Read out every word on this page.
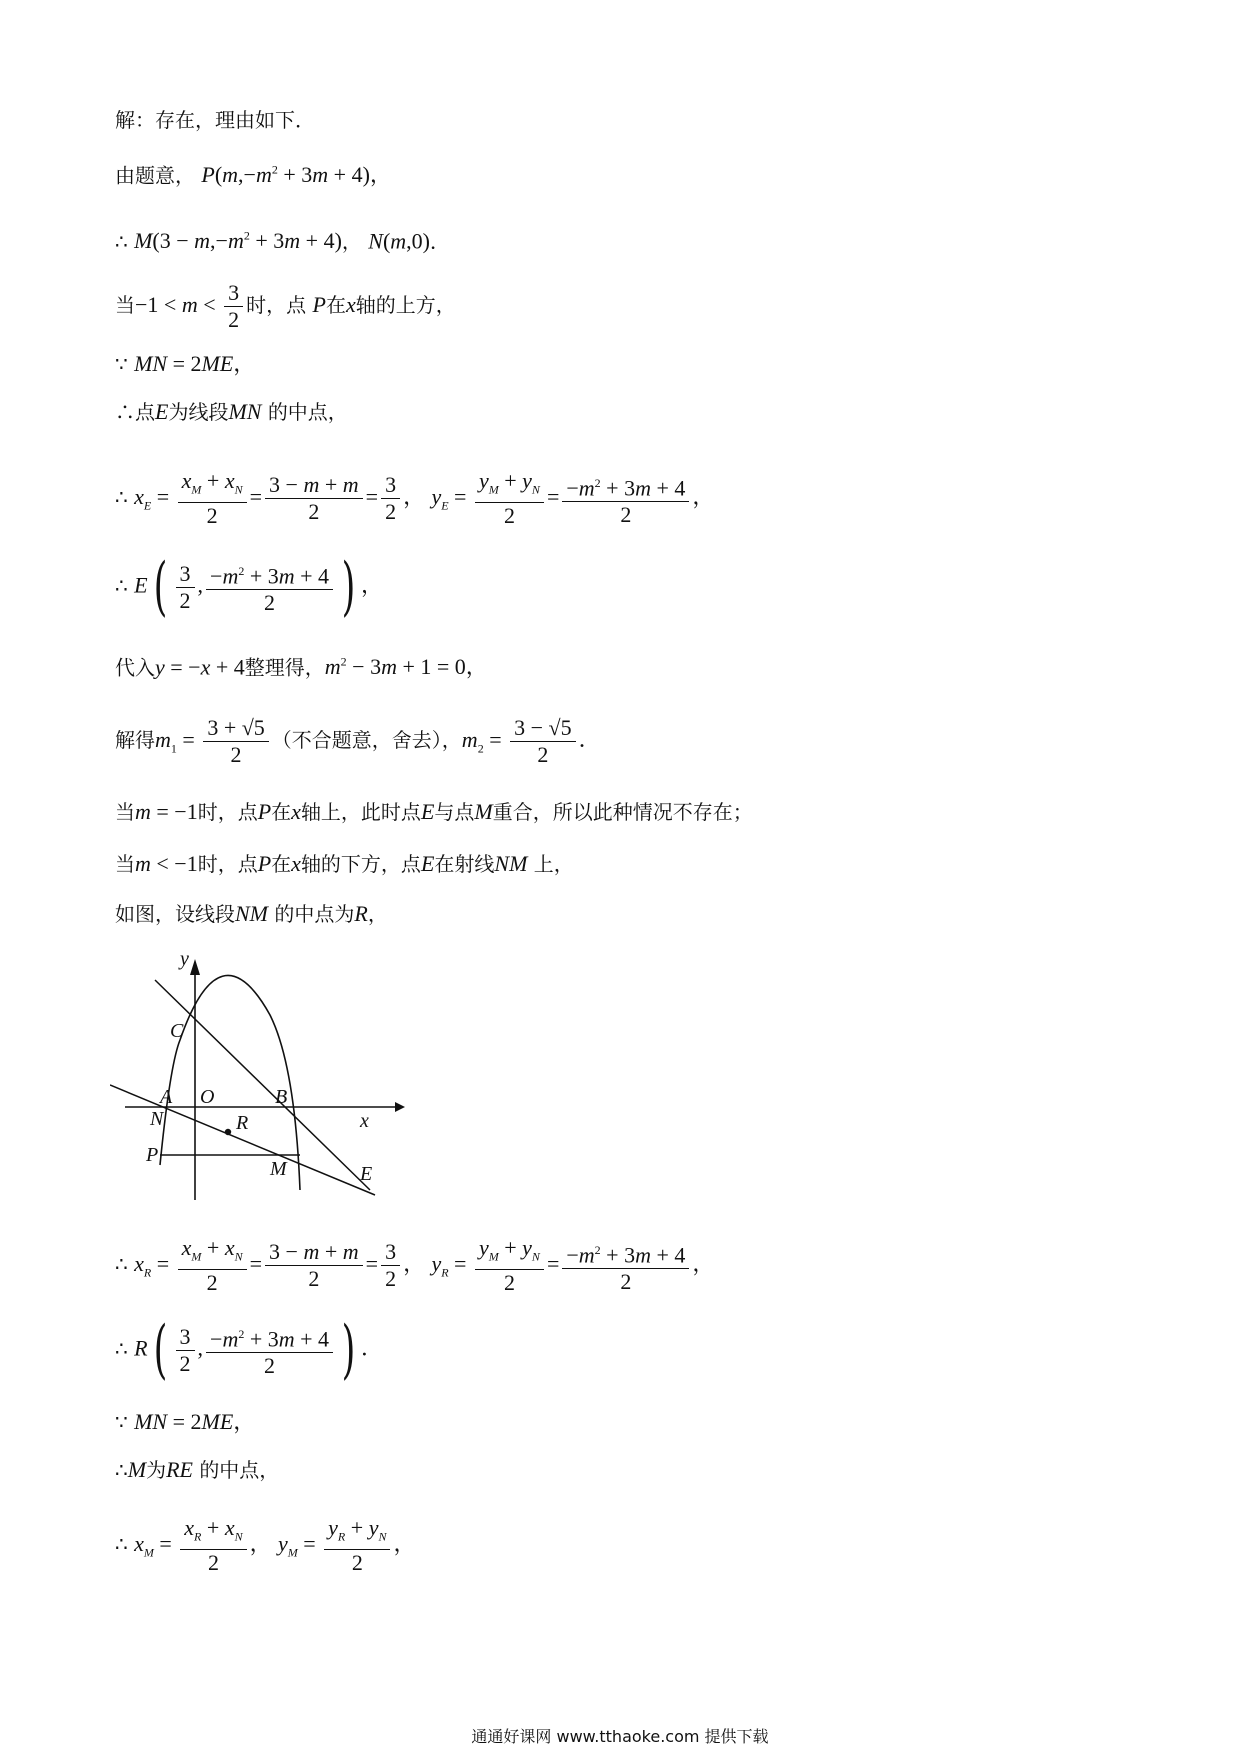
解：存在，理由如下．
由题意， $P(m,-m^2 + 3m + 4)$，
∴ $M(3 - m,-m^2 + 3m + 4)$， N(m,0)．
当$-1 < m < \frac{3}{2}$ 时，点 P在x轴的上方，
∵ MN = 2ME，
∴点E为线段MN 的中点，
∴ $x_E = \frac{x_M + x_N}{2} = \frac{3 - m + m}{2} = \frac{3}{2}$ ， $y_E = \frac{y_M + y_N}{2} = \frac{-m^2 + 3m + 4}{2}$ ，
∴ $E( \frac{3}{2}$ , $\frac{-m^2 + 3m + 4}{2}$ ) ，
代入y = −x + 4整理得，$m^2 - 3m + 1 = 0$，
解得$m_1 = \frac{3 + √5}{2}$ （不合题意，舍去），$m_2 = \frac{3 - √5}{2}$ ．
当m = −1时，点P在x轴上，此时点E与点M重合，所以此种情况不存在；
当m < −1时，点P在x轴的下方，点E在射线NM 上，
如图，设线段NM 的中点为R，
y
C
A O	B
x
N	R
P
M	E
∴ $x_R = \frac{x_M + x_N}{2} = \frac{3 - m + m}{2} = \frac{3}{2}$ ， $y_R = \frac{y_M + y_N}{2} = \frac{-m^2 + 3m + 4}{2}$ ，
∴ $R( \frac{3}{2}$ , $\frac{-m^2 + 3m + 4}{2}$ ) ．
∵ MN = 2ME，
∴M为RE 的中点，
∴ $x_M = \frac{x_R + x_N}{2}$ ， $y_M = \frac{y_R + y_N}{2}$ ，
通通好课网 www.tthaoke.com 提供下载
